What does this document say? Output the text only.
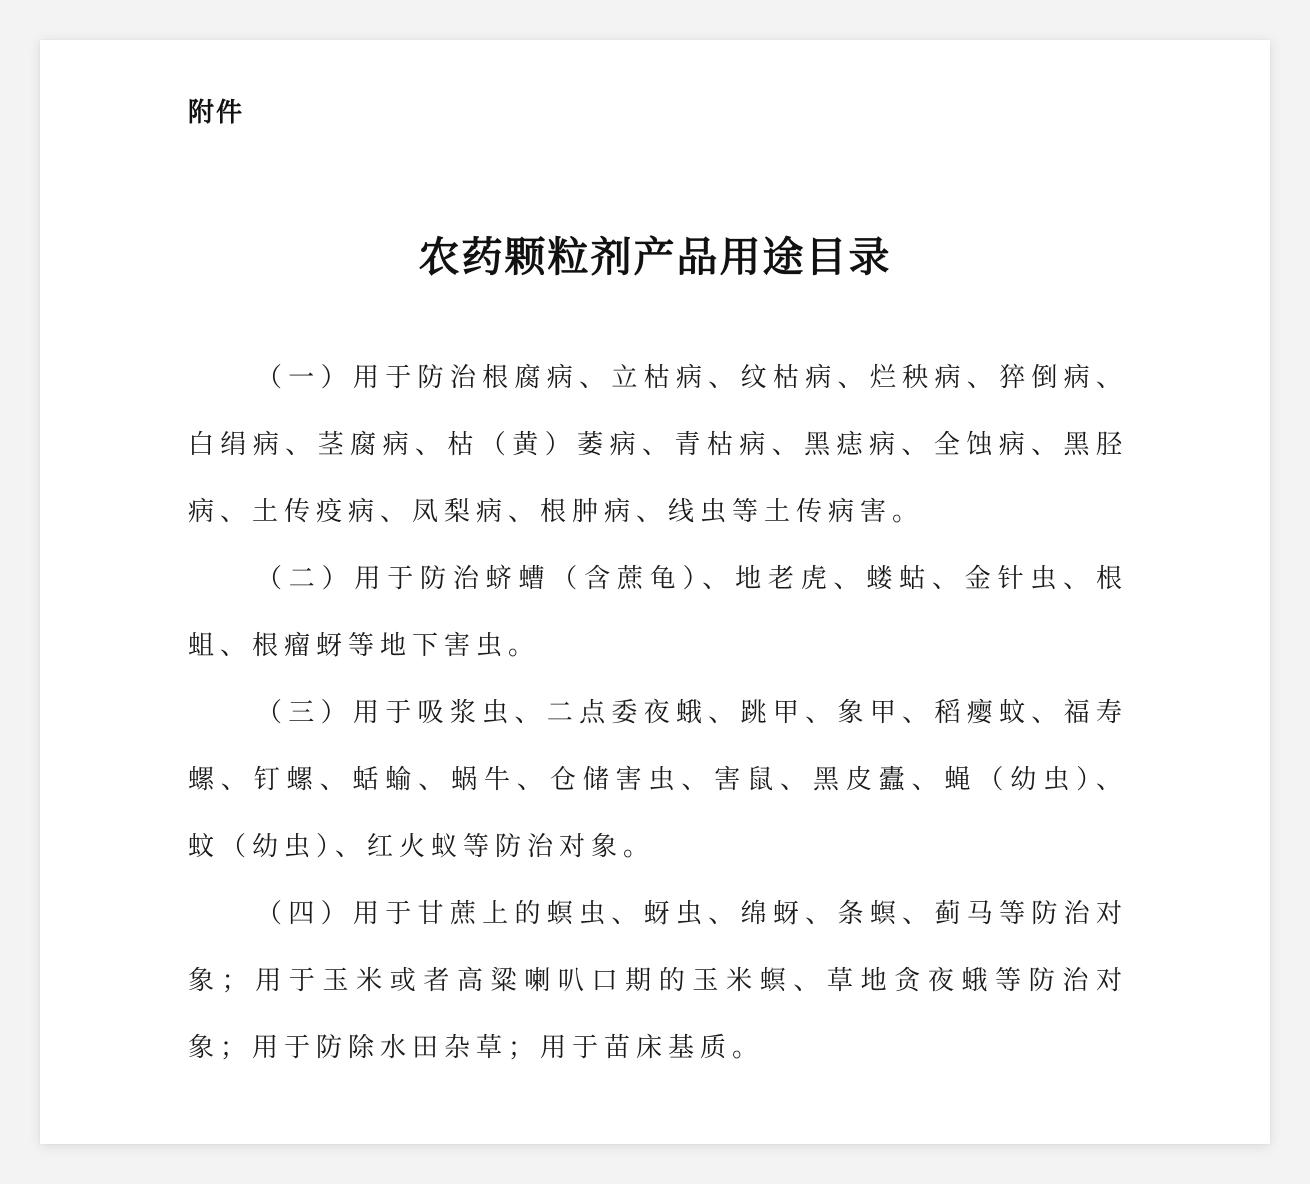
附件
农药颗粒剂产品用途目录

（一）用于防治根腐病、立枯病、纹枯病、烂秧病、猝倒病、白绢病、茎腐病、枯（黄）萎病、青枯病、黑痣病、全蚀病、黑胫病、土传疫病、凤梨病、根肿病、线虫等土传病害。

（二）用于防治蛴螬（含蔗龟）、地老虎、蝼蛄、金针虫、根蛆、根瘤蚜等地下害虫。

（三）用于吸浆虫、二点委夜蛾、跳甲、象甲、稻瘿蚊、福寿螺、钉螺、蛞蝓、蜗牛、仓储害虫、害鼠、黑皮蠹、蝇（幼虫）、蚊（幼虫）、红火蚁等防治对象。

（四）用于甘蔗上的螟虫、蚜虫、绵蚜、条螟、蓟马等防治对象；用于玉米或者高粱喇叭口期的玉米螟、草地贪夜蛾等防治对象；用于防除水田杂草；用于苗床基质。
